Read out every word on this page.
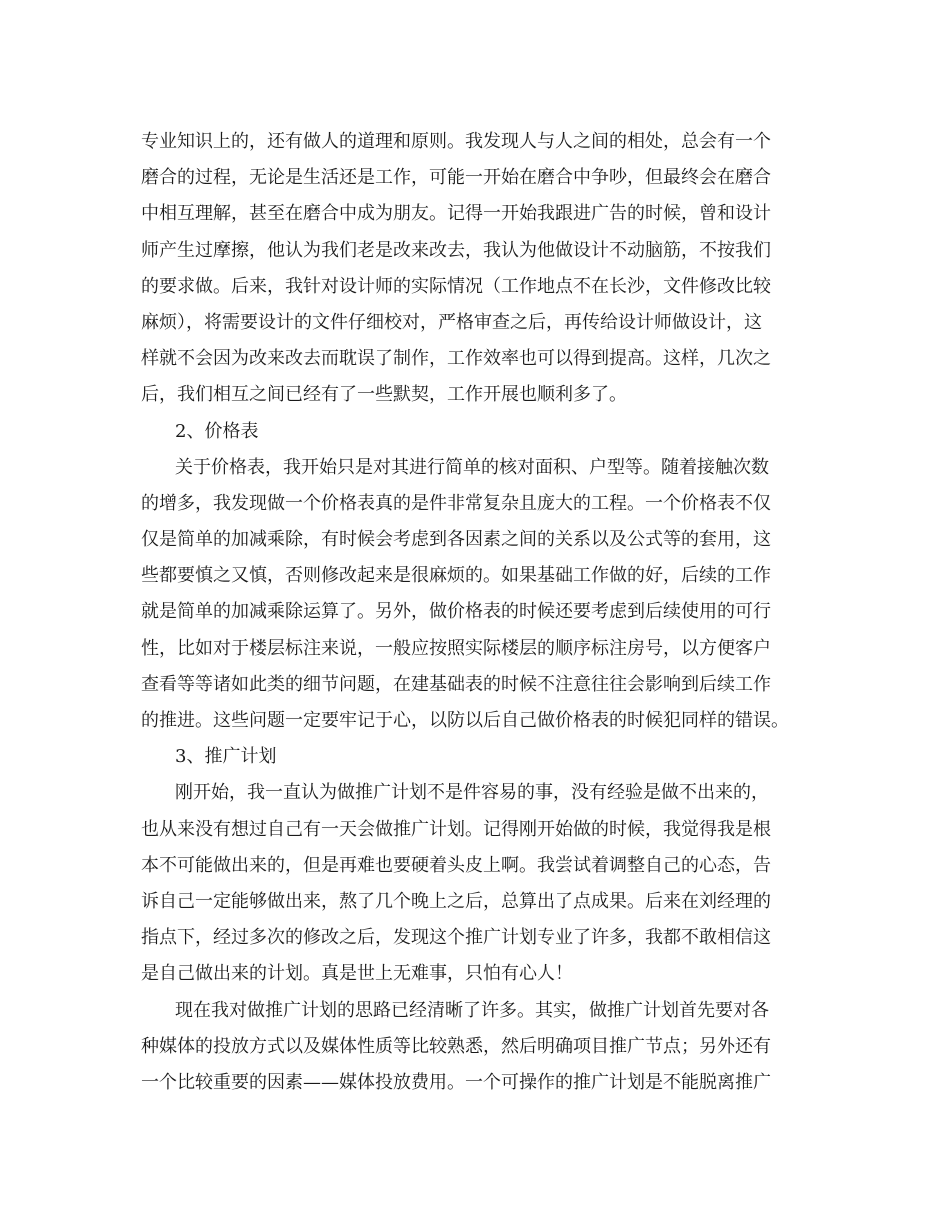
专业知识上的，还有做人的道理和原则。我发现人与人之间的相处，总会有一个
磨合的过程，无论是生活还是工作，可能一开始在磨合中争吵，但最终会在磨合
中相互理解，甚至在磨合中成为朋友。记得一开始我跟进广告的时候，曾和设计
师产生过摩擦，他认为我们老是改来改去，我认为他做设计不动脑筋，不按我们
的要求做。后来，我针对设计师的实际情况（工作地点不在长沙，文件修改比较
麻烦），将需要设计的文件仔细校对，严格审查之后，再传给设计师做设计，这
样就不会因为改来改去而耽误了制作，工作效率也可以得到提高。这样，几次之
后，我们相互之间已经有了一些默契，工作开展也顺利多了。
2、价格表
关于价格表，我开始只是对其进行简单的核对面积、户型等。随着接触次数
的增多，我发现做一个价格表真的是件非常复杂且庞大的工程。一个价格表不仅
仅是简单的加减乘除，有时候会考虑到各因素之间的关系以及公式等的套用，这
些都要慎之又慎，否则修改起来是很麻烦的。如果基础工作做的好，后续的工作
就是简单的加减乘除运算了。另外，做价格表的时候还要考虑到后续使用的可行
性，比如对于楼层标注来说，一般应按照实际楼层的顺序标注房号，以方便客户
查看等等诸如此类的细节问题，在建基础表的时候不注意往往会影响到后续工作
的推进。这些问题一定要牢记于心，以防以后自己做价格表的时候犯同样的错误。
3、推广计划
刚开始，我一直认为做推广计划不是件容易的事，没有经验是做不出来的，
也从来没有想过自己有一天会做推广计划。记得刚开始做的时候，我觉得我是根
本不可能做出来的，但是再难也要硬着头皮上啊。我尝试着调整自己的心态，告
诉自己一定能够做出来，熬了几个晚上之后，总算出了点成果。后来在刘经理的
指点下，经过多次的修改之后，发现这个推广计划专业了许多，我都不敢相信这
是自己做出来的计划。真是世上无难事，只怕有心人！
现在我对做推广计划的思路已经清晰了许多。其实，做推广计划首先要对各
种媒体的投放方式以及媒体性质等比较熟悉，然后明确项目推广节点；另外还有
一个比较重要的因素——媒体投放费用。一个可操作的推广计划是不能脱离推广
